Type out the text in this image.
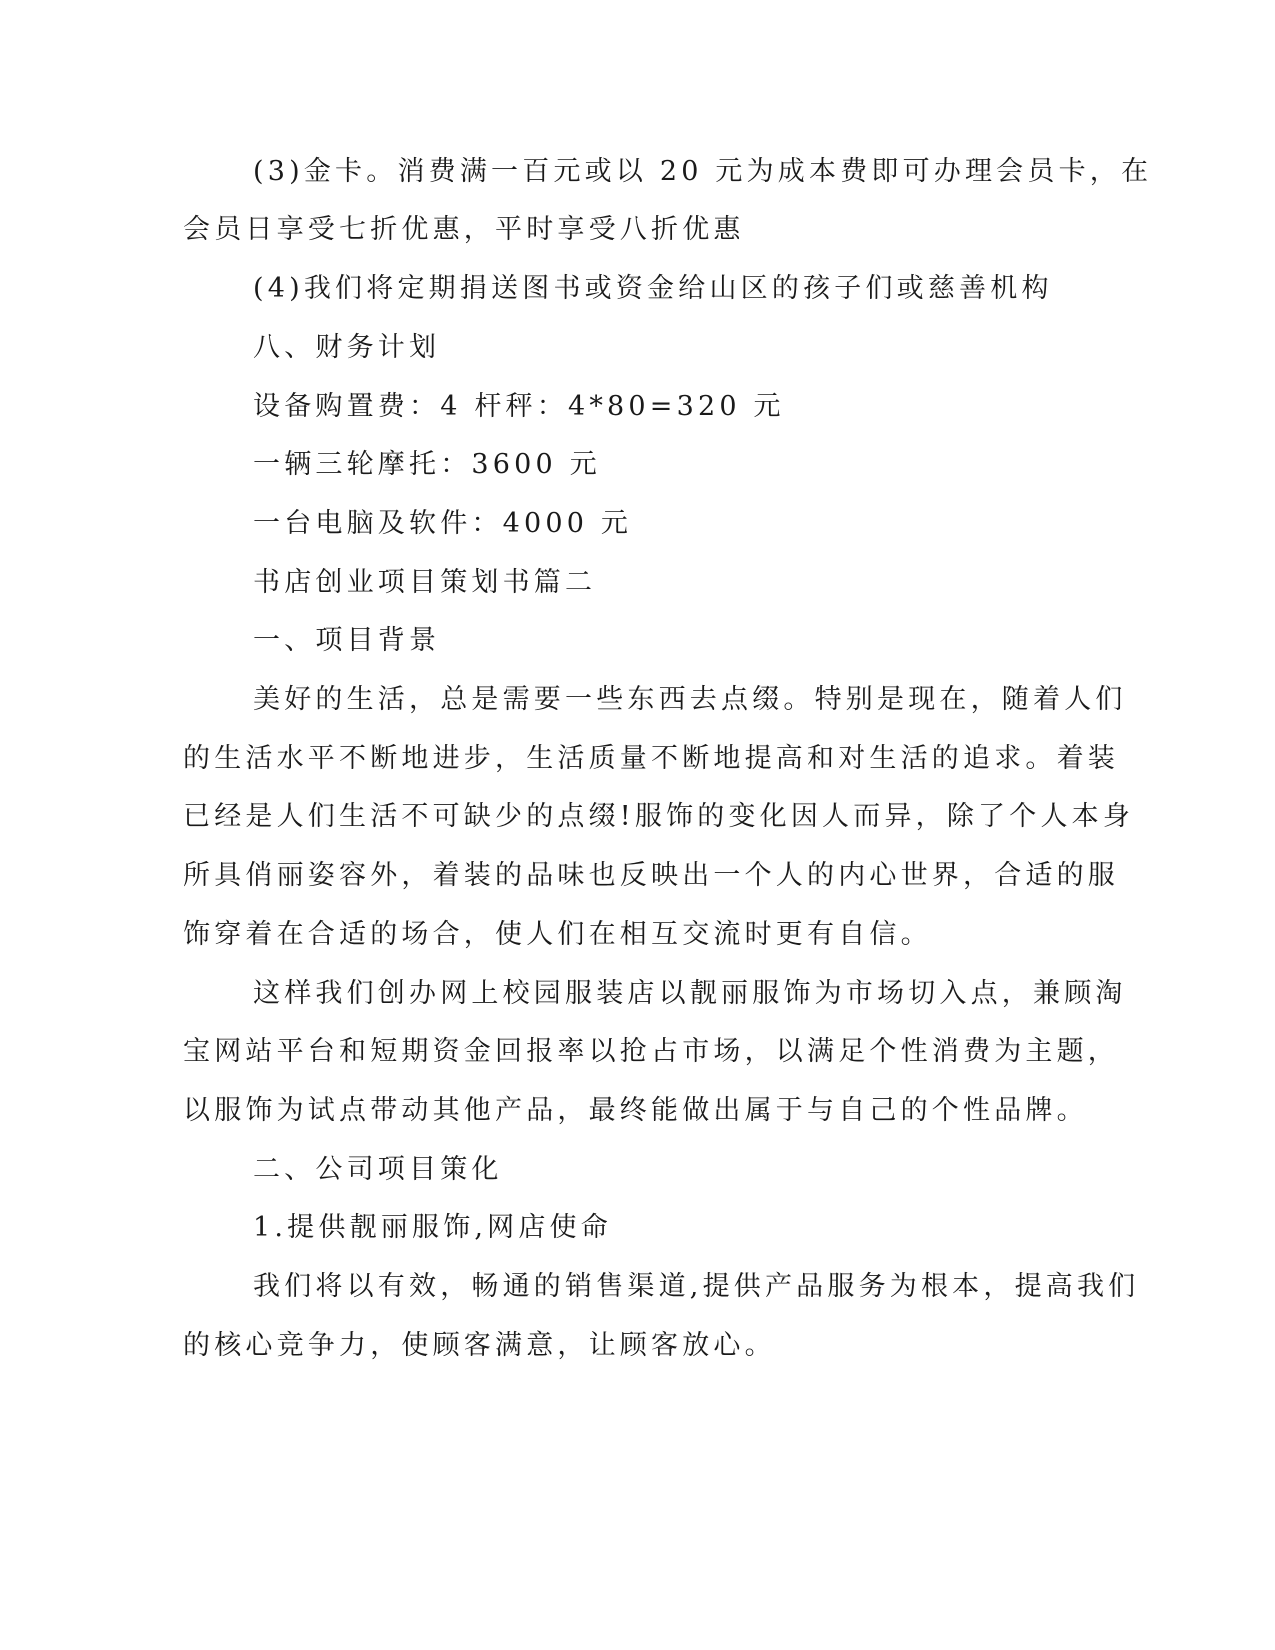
(3)金卡。消费满一百元或以 20 元为成本费即可办理会员卡，在
会员日享受七折优惠，平时享受八折优惠
(4)我们将定期捐送图书或资金给山区的孩子们或慈善机构
八、财务计划
设备购置费：4 杆秤：4*80=320 元
一辆三轮摩托：3600 元
一台电脑及软件：4000 元
书店创业项目策划书篇二
一、项目背景
美好的生活，总是需要一些东西去点缀。特别是现在，随着人们
的生活水平不断地进步，生活质量不断地提高和对生活的追求。着装
已经是人们生活不可缺少的点缀!服饰的变化因人而异，除了个人本身
所具俏丽姿容外，着装的品味也反映出一个人的内心世界，合适的服
饰穿着在合适的场合，使人们在相互交流时更有自信。
这样我们创办网上校园服装店以靓丽服饰为市场切入点，兼顾淘
宝网站平台和短期资金回报率以抢占市场，以满足个性消费为主题，
以服饰为试点带动其他产品，最终能做出属于与自己的个性品牌。
二、公司项目策化
1.提供靓丽服饰,网店使命
我们将以有效，畅通的销售渠道,提供产品服务为根本，提高我们
的核心竞争力，使顾客满意，让顾客放心。
